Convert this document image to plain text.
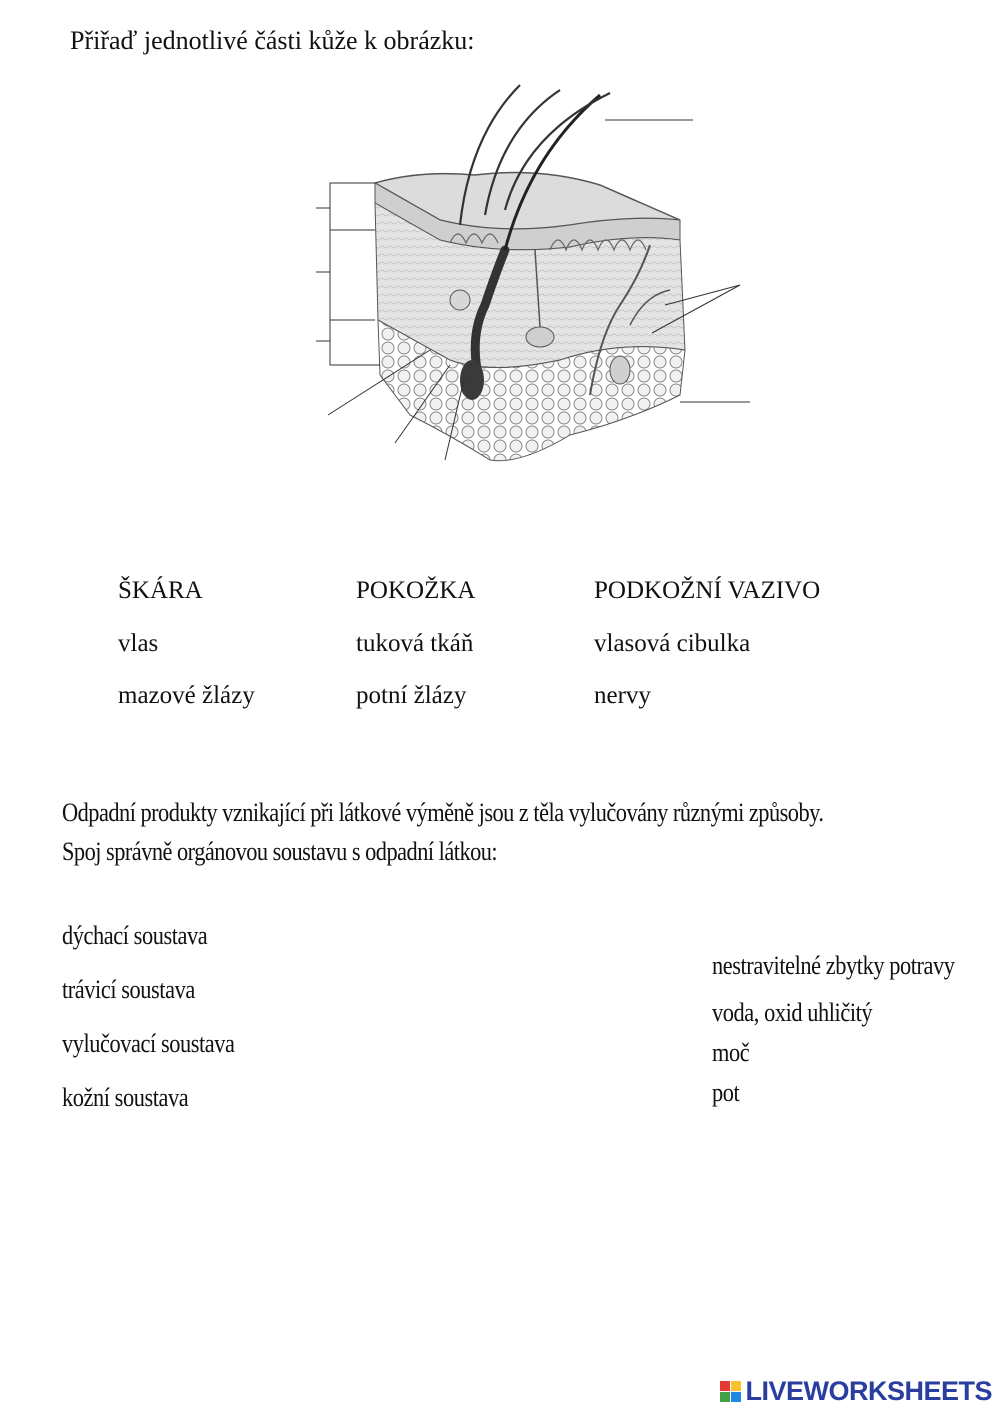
Přiřaď jednotlivé části kůže k obrázku:
ŠKÁRA	POKOŽKA	PODKOŽNÍ VAZIVO
vlas	tuková tkáň	vlasová cibulka
mazové žlázy	potní žlázy	nervy
Odpadní produkty vznikající při látkové výměně jsou z těla vylučovány různými způsoby.
Spoj správně orgánovou soustavu s odpadní látkou:
dýchací soustava
trávicí soustava
vylučovací soustava
kožní soustava
nestravitelné zbytky potravy
voda, oxid uhličitý
moč
pot
LIVEWORKSHEETS
